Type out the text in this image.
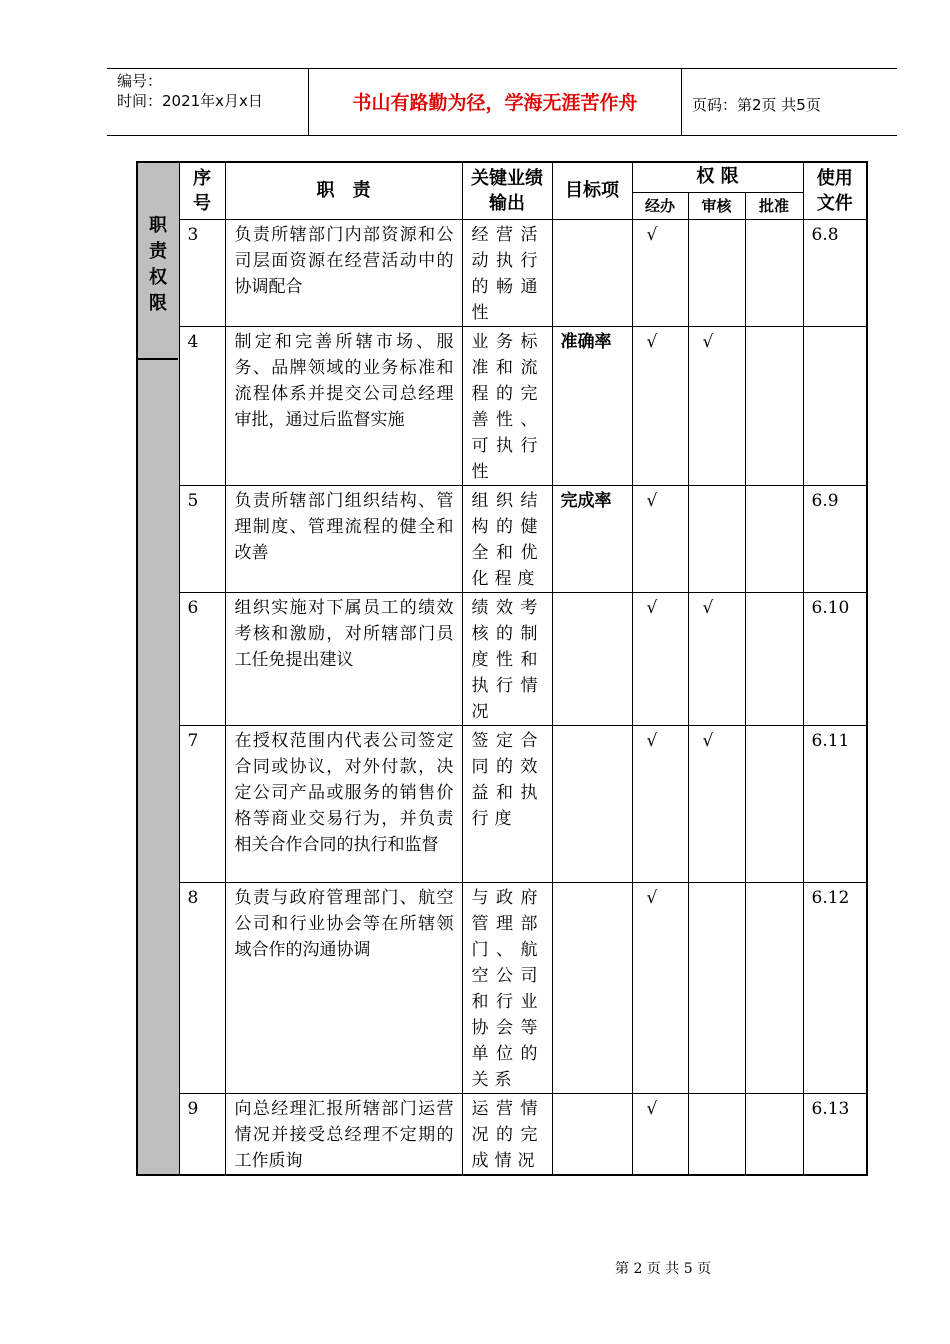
编号：
时间：2021年x月x日	书山有路勤为径，学海无涯苦作舟	页码：第2页 共5页
职
责
权
限	序号	职　责	关键业绩输出	目标项	权 限			使用文件

					经办	审核	批准	
	3	负责所辖部门内部资源和公司层面资源在经营活动中的协调配合	经营活动执行的畅通性		√			6.8
	4	制定和完善所辖市场、服务、品牌领域的业务标准和流程体系并提交公司总经理审批，通过后监督实施	业务标准和流程的完善性、可执行性	准确率	√	√		
	5	负责所辖部门组织结构、管理制度、管理流程的健全和改善	组织结构的健全和优化程度	完成率	√			6.9
	6	组织实施对下属员工的绩效考核和激励，对所辖部门员工任免提出建议	绩效考核的制度性和执行情况		√	√		6.10
	7	在授权范围内代表公司签定合同或协议，对外付款，决定公司产品或服务的销售价格等商业交易行为，并负责相关合作合同的执行和监督	签定合同的效益和执行度		√	√		6.11
	8	负责与政府管理部门、航空公司和行业协会等在所辖领域合作的沟通协调	与政府管理部门、航空公司和行业协会等单位的关系		√			6.12
	9	向总经理汇报所辖部门运营情况并接受总经理不定期的工作质询	运营情况的完成情况		√			6.13
第 2 页 共 5 页
